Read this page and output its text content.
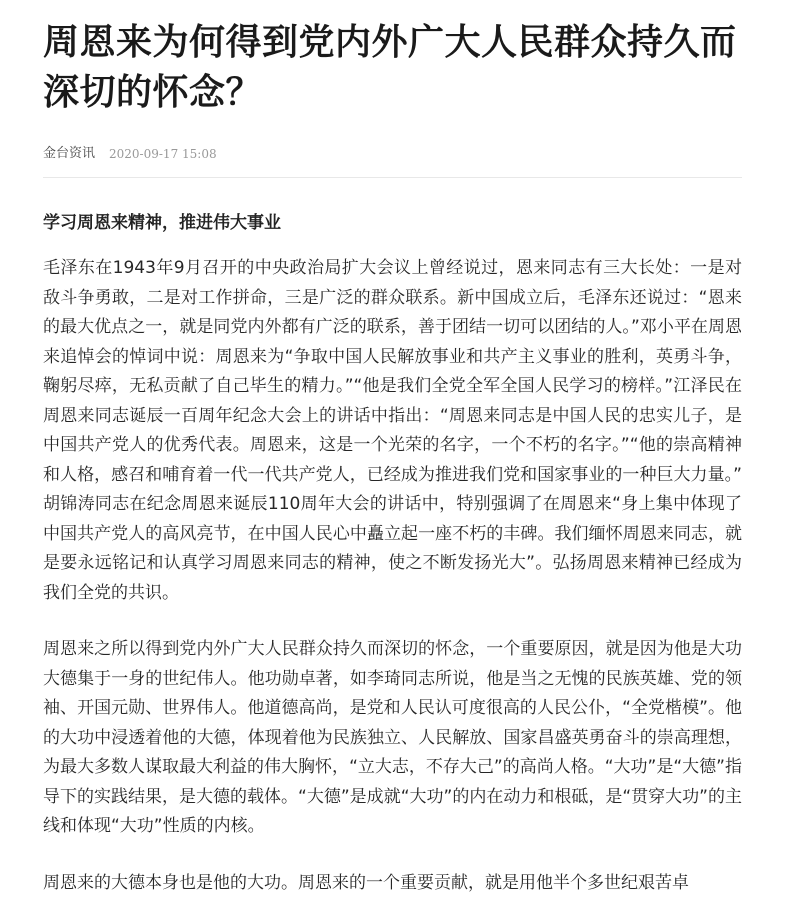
周恩来为何得到党内外广大人民群众持久而深切的怀念？
金台资讯 2020-09-17 15:08
学习周恩来精神，推进伟大事业

毛泽东在1943年9月召开的中央政治局扩大会议上曾经说过，恩来同志有三大长处：一是对敌斗争勇敢，二是对工作拼命，三是广泛的群众联系。新中国成立后，毛泽东还说过：“恩来的最大优点之一，就是同党内外都有广泛的联系，善于团结一切可以团结的人。”邓小平在周恩来追悼会的悼词中说：周恩来为“争取中国人民解放事业和共产主义事业的胜利，英勇斗争，鞠躬尽瘁，无私贡献了自己毕生的精力。”“他是我们全党全军全国人民学习的榜样。”江泽民在周恩来同志诞辰一百周年纪念大会上的讲话中指出：“周恩来同志是中国人民的忠实儿子，是中国共产党人的优秀代表。周恩来，这是一个光荣的名字，一个不朽的名字。”“他的崇高精神和人格，感召和哺育着一代一代共产党人，已经成为推进我们党和国家事业的一种巨大力量。” 胡锦涛同志在纪念周恩来诞辰110周年大会的讲话中，特别强调了在周恩来“身上集中体现了中国共产党人的高风亮节，在中国人民心中矗立起一座不朽的丰碑。我们缅怀周恩来同志，就是要永远铭记和认真学习周恩来同志的精神，使之不断发扬光大”。弘扬周恩来精神已经成为我们全党的共识。

周恩来之所以得到党内外广大人民群众持久而深切的怀念，一个重要原因，就是因为他是大功大德集于一身的世纪伟人。他功勋卓著，如李琦同志所说，他是当之无愧的民族英雄、党的领袖、开国元勋、世界伟人。他道德高尚，是党和人民认可度很高的人民公仆，“全党楷模”。他的大功中浸透着他的大德，体现着他为民族独立、人民解放、国家昌盛英勇奋斗的崇高理想，为最大多数人谋取最大利益的伟大胸怀，“立大志，不存大己”的高尚人格。“大功”是“大德”指导下的实践结果，是大德的载体。“大德”是成就“大功”的内在动力和根砥，是“贯穿大功”的主线和体现“大功”性质的内核。

周恩来的大德本身也是他的大功。周恩来的一个重要贡献，就是用他半个多世纪艰苦卓
